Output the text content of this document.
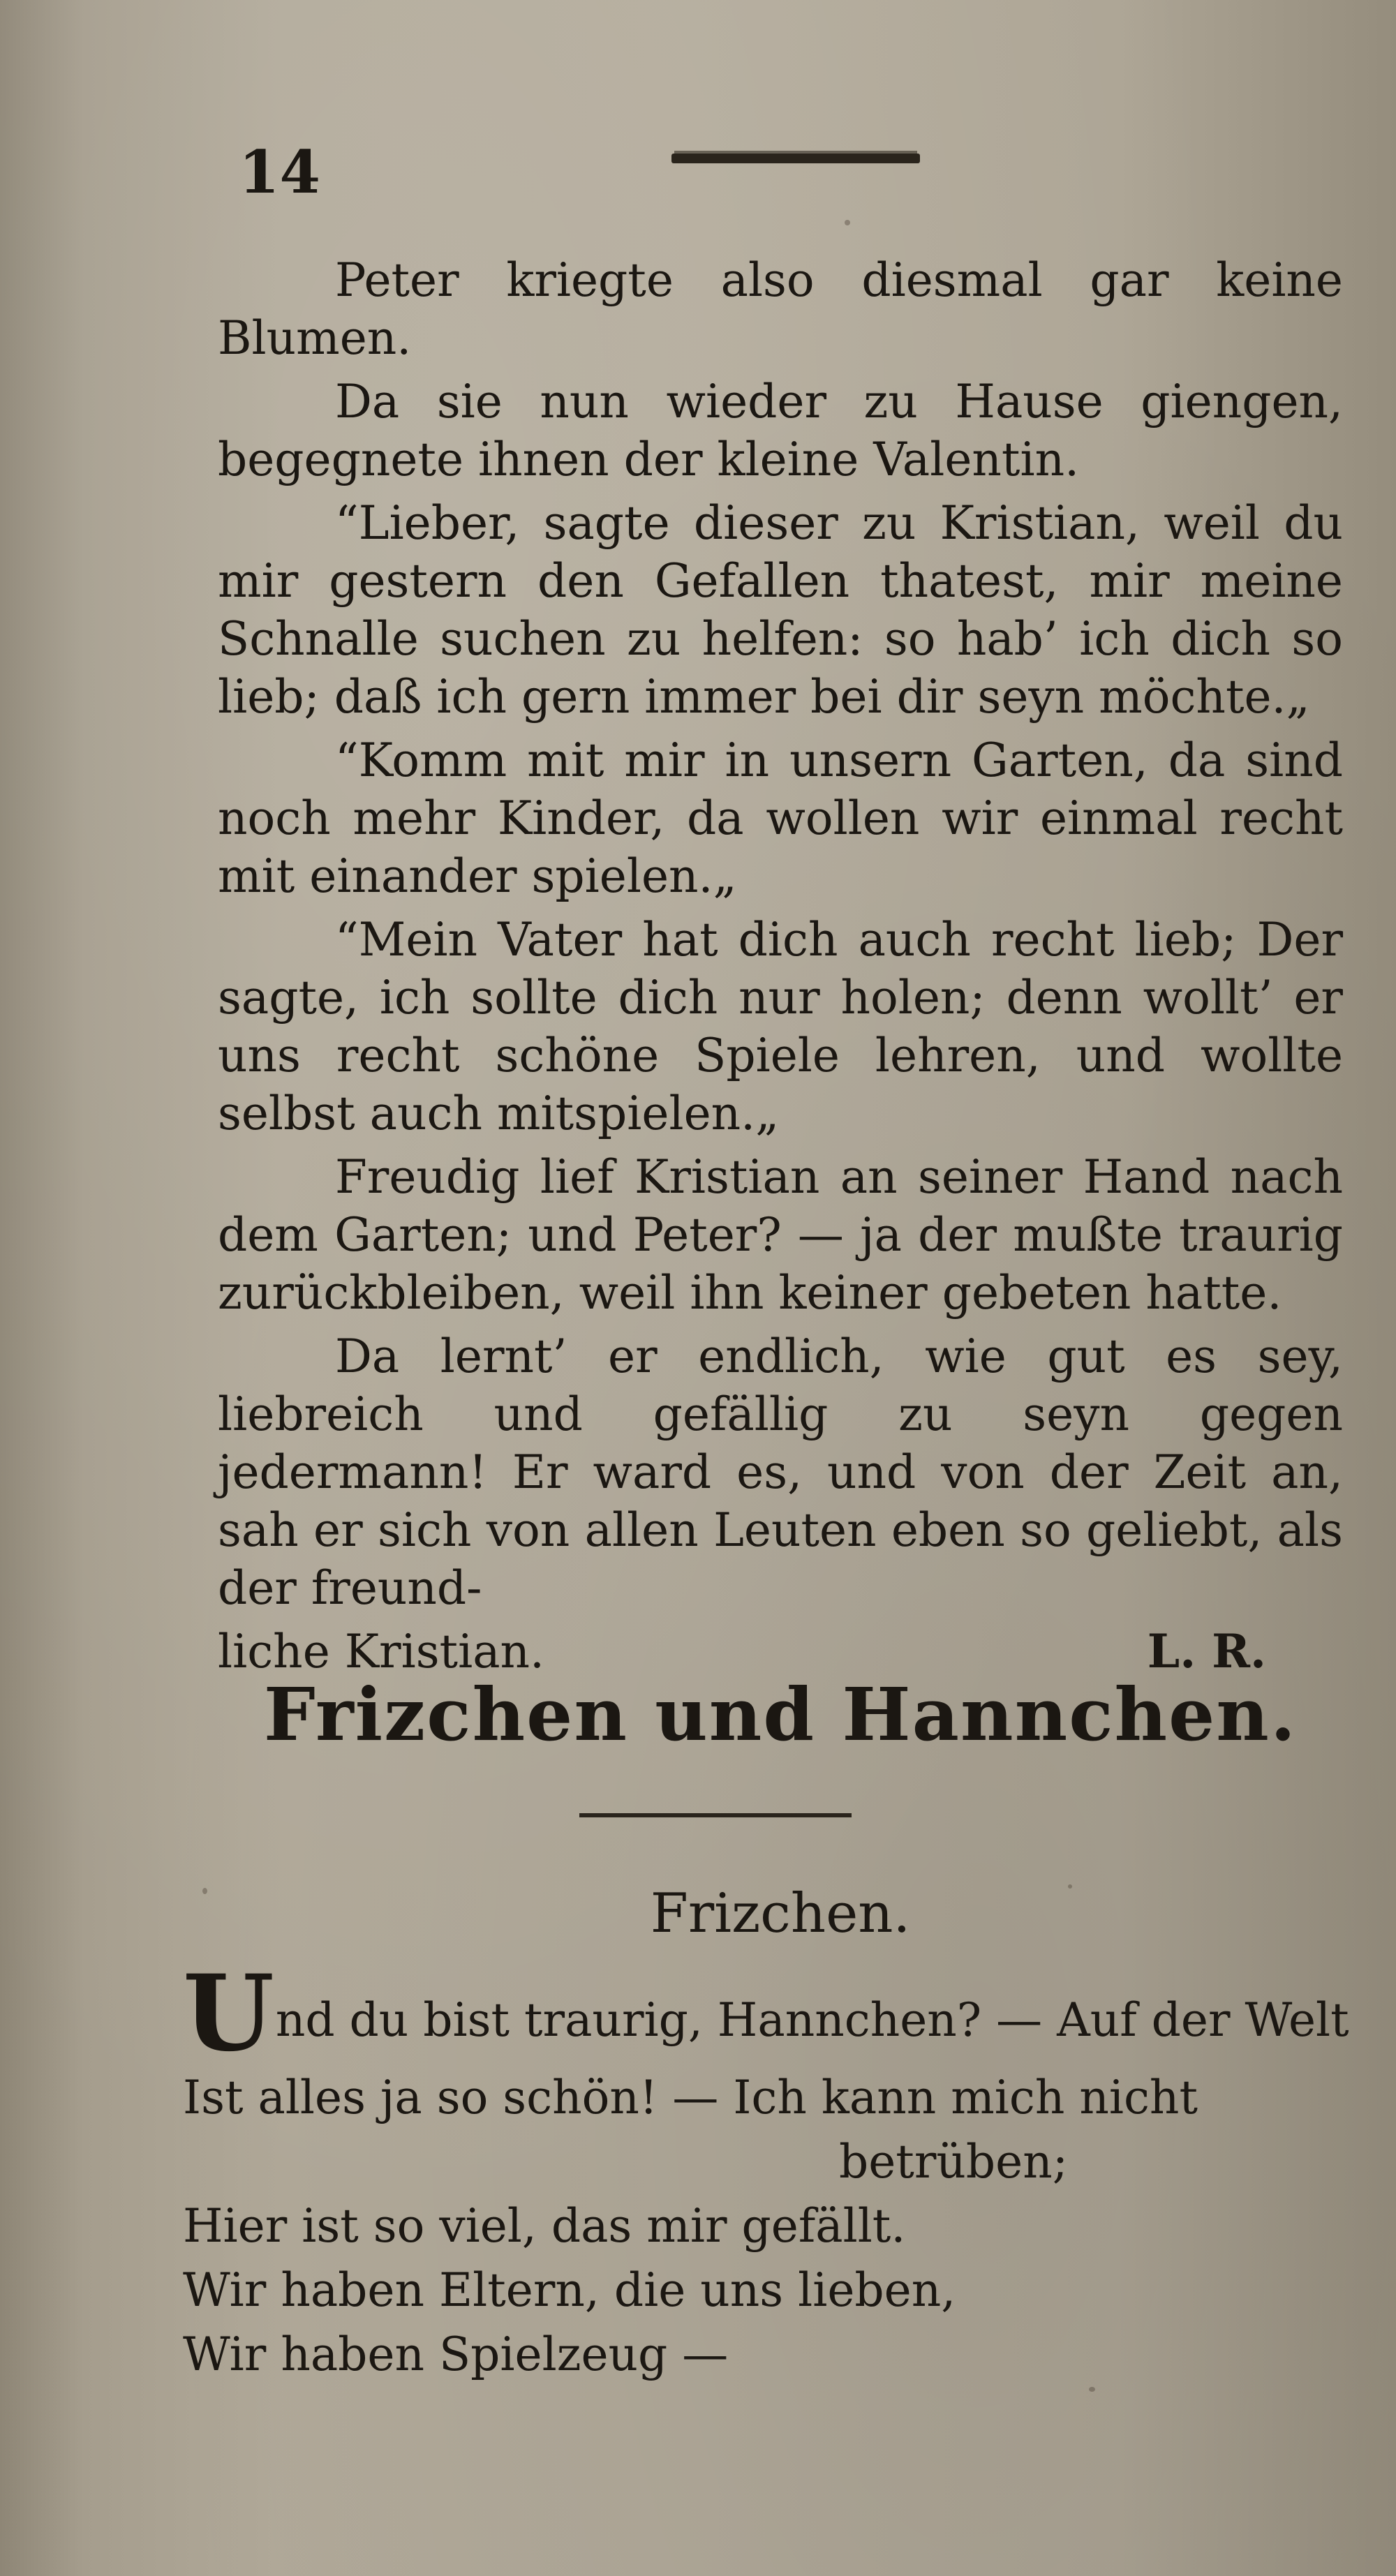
14

Peter kriegte also diesmal gar keine Blumen.

Da sie nun wieder zu Hause giengen, begegnete ihnen der kleine Valentin.

“Lieber, sagte dieser zu Kristian, weil du mir gestern den Gefallen thatest, mir meine Schnalle suchen zu helfen: so hab’ ich dich so lieb; daß ich gern immer bei dir seyn möchte.„

“Komm mit mir in unsern Garten, da sind noch mehr Kinder, da wollen wir einmal recht mit einander spielen.„

“Mein Vater hat dich auch recht lieb; Der sagte, ich sollte dich nur holen; denn wollt’ er uns recht schöne Spiele lehren, und wollte selbst auch mitspielen.„

Freudig lief Kristian an seiner Hand nach dem Garten; und Peter? — ja der mußte traurig zurückbleiben, weil ihn keiner gebeten hatte.

Da lernt’ er endlich, wie gut es sey, liebreich und gefällig zu seyn gegen jedermann! Er ward es, und von der Zeit an, sah er sich von allen Leuten eben so geliebt, als der freund-

liche Kristian.	L. R.
Frizchen und Hannchen.
Frizchen.
Und du bist traurig, Hannchen? — Auf der Welt
Ist alles ja so schön! — Ich kann mich nicht
betrüben;
Hier ist so viel, das mir gefällt.
Wir haben Eltern, die uns lieben,
Wir haben Spielzeug —
